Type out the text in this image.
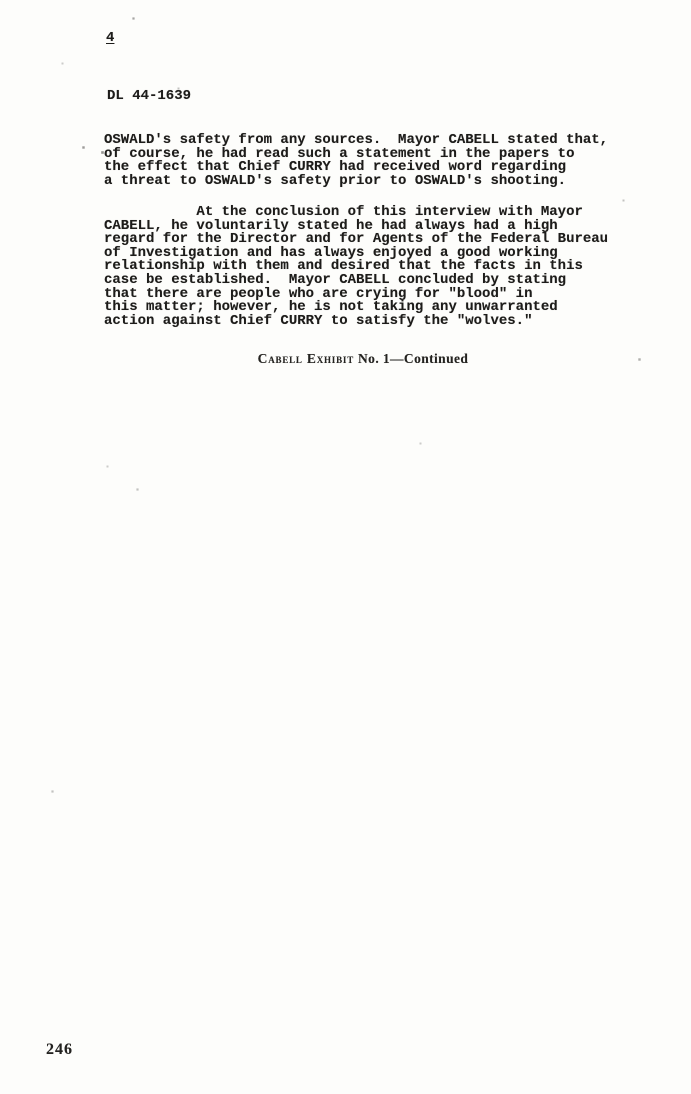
4
DL 44-1639
OSWALD's safety from any sources.  Mayor CABELL stated that,
of course, he had read such a statement in the papers to
the effect that Chief CURRY had received word regarding
a threat to OSWALD's safety prior to OSWALD's shooting.
At the conclusion of this interview with Mayor
CABELL, he voluntarily stated he had always had a high
regard for the Director and for Agents of the Federal Bureau
of Investigation and has always enjoyed a good working
relationship with them and desired that the facts in this
case be established.  Mayor CABELL concluded by stating
that there are people who are crying for "blood" in
this matter; however, he is not taking any unwarranted
action against Chief CURRY to satisfy the "wolves."
Cabell Exhibit No. 1—Continued
246
